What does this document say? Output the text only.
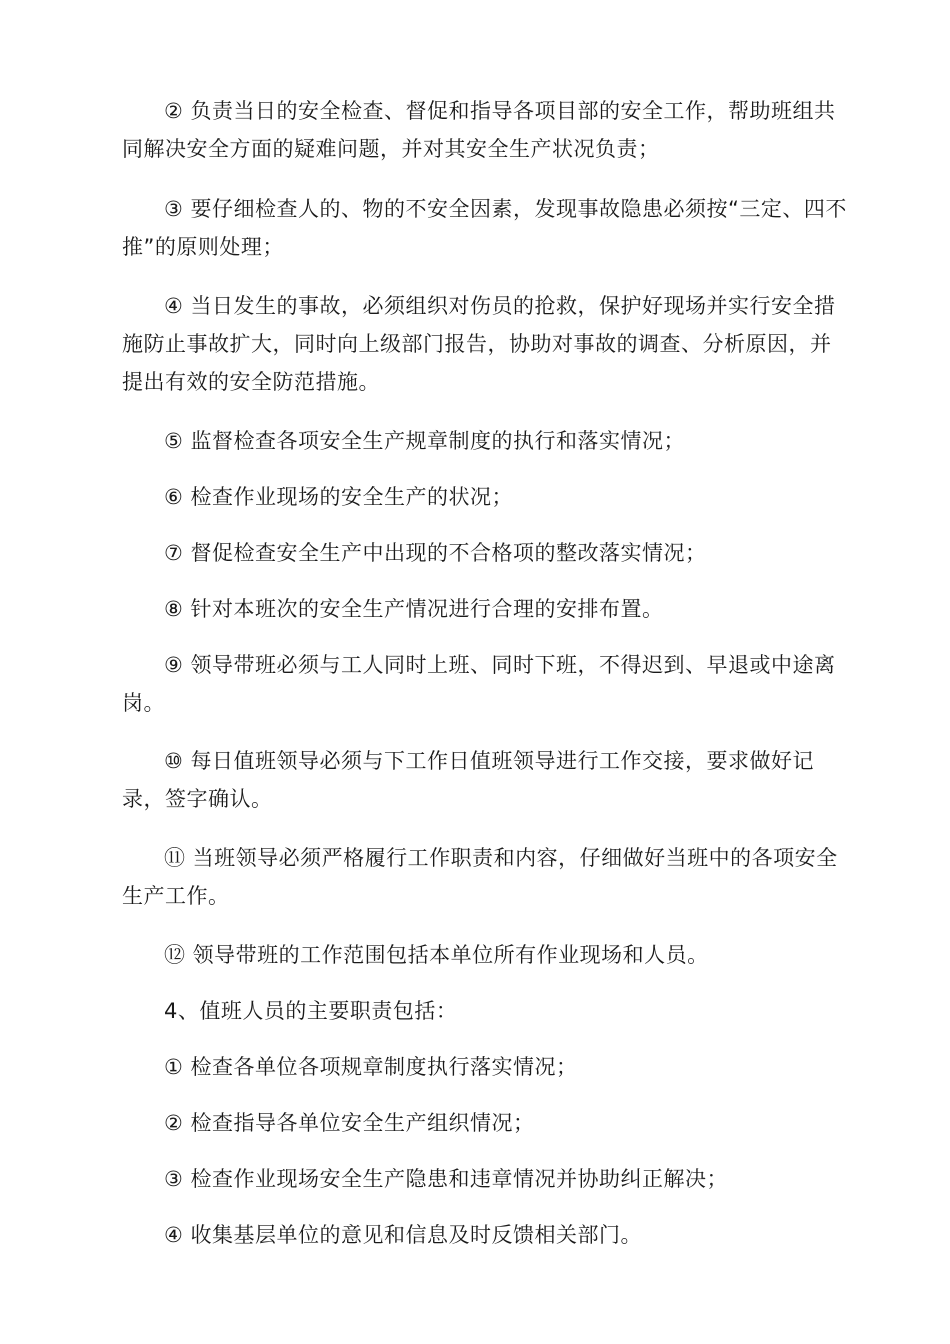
② 负责当日的安全检查、督促和指导各项目部的安全工作，帮助班组共同解决安全方面的疑难问题，并对其安全生产状况负责；

③ 要仔细检查人的、物的不安全因素，发现事故隐患必须按“三定、四不推”的原则处理；

④ 当日发生的事故，必须组织对伤员的抢救，保护好现场并实行安全措施防止事故扩大，同时向上级部门报告，协助对事故的调查、分析原因，并提出有效的安全防范措施。

⑤ 监督检查各项安全生产规章制度的执行和落实情况；

⑥ 检查作业现场的安全生产的状况；

⑦ 督促检查安全生产中出现的不合格项的整改落实情况；

⑧ 针对本班次的安全生产情况进行合理的安排布置。

⑨ 领导带班必须与工人同时上班、同时下班，不得迟到、早退或中途离岗。

⑩ 每日值班领导必须与下工作日值班领导进行工作交接，要求做好记录，签字确认。

⑪ 当班领导必须严格履行工作职责和内容，仔细做好当班中的各项安全生产工作。

⑫ 领导带班的工作范围包括本单位所有作业现场和人员。

4、值班人员的主要职责包括：

① 检查各单位各项规章制度执行落实情况；

② 检查指导各单位安全生产组织情况；

③ 检查作业现场安全生产隐患和违章情况并协助纠正解决；

④ 收集基层单位的意见和信息及时反馈相关部门。
